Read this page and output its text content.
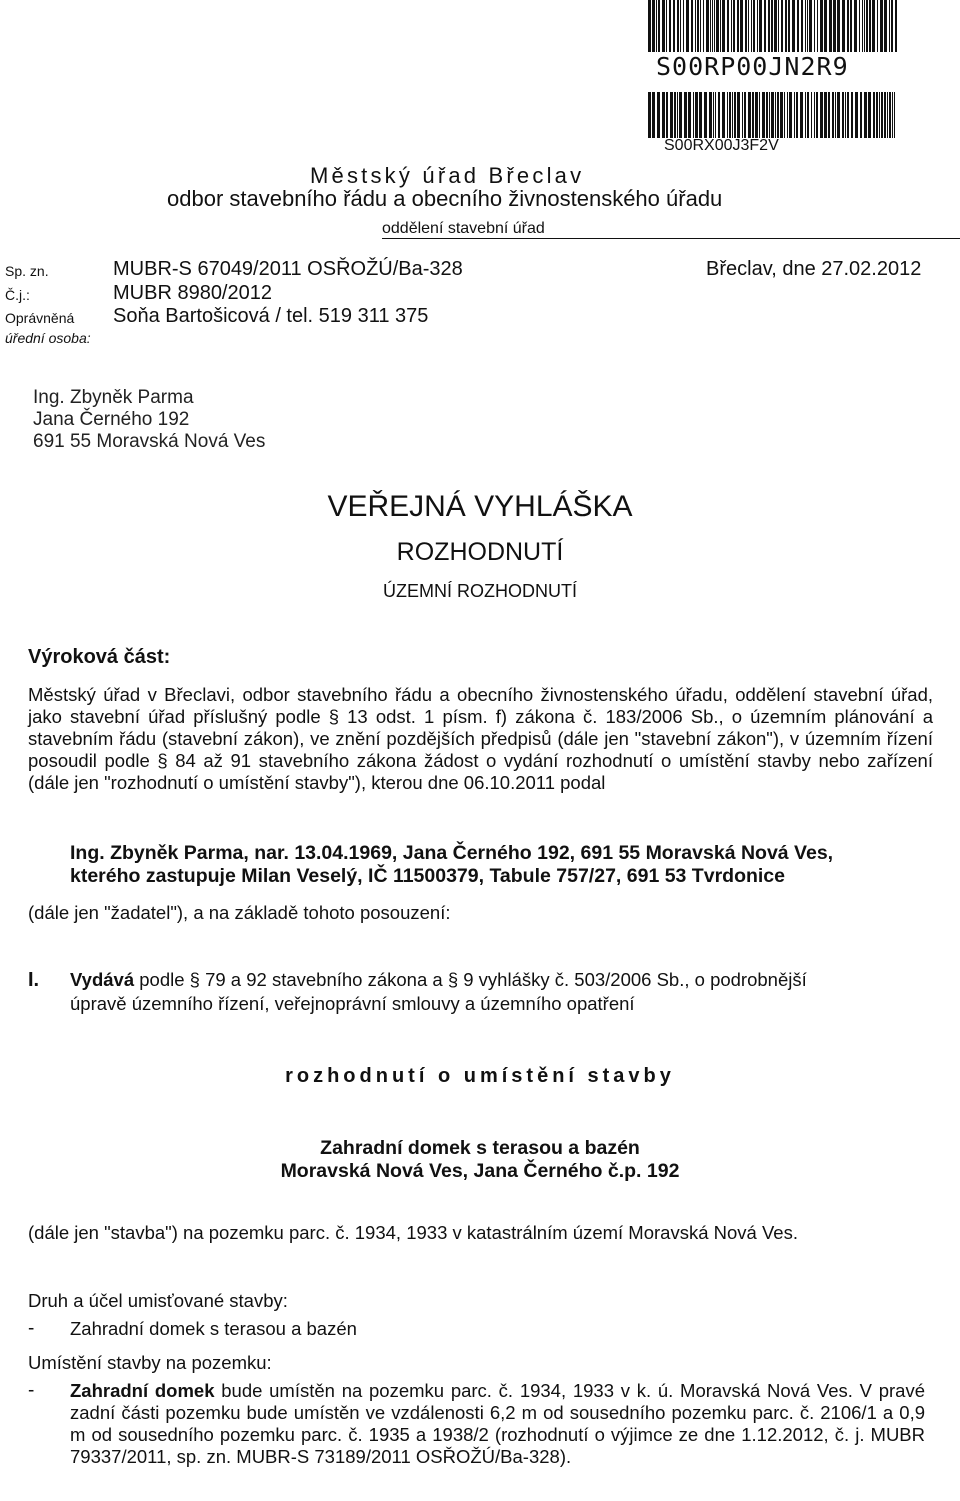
S00RP00JN2R9
S00RX00J3F2V
Městský úřad Břeclav
odbor stavebního řádu a obecního živnostenského úřadu
oddělení stavební úřad
Sp. zn.	MUBR-S 67049/2011 OSŘOŽÚ/Ba-328	Břeclav, dne 27.02.2012
Č.j.:	MUBR 8980/2012
Oprávněná
úřední osoba:
Soňa Bartošicová / tel. 519 311 375
Ing. Zbyněk Parma
Jana Černého 192
691 55 Moravská Nová Ves
VEŘEJNÁ VYHLÁŠKA
ROZHODNUTÍ
ÚZEMNÍ ROZHODNUTÍ
Výroková část:
Městský úřad v Břeclavi, odbor stavebního řádu a obecního živnostenského úřadu, oddělení stavební úřad, jako stavební úřad příslušný podle § 13 odst. 1 písm. f) zákona č. 183/2006 Sb., o územním plánování a stavebním řádu (stavební zákon), ve znění pozdějších předpisů (dále jen "stavební zákon"), v územním řízení posoudil podle § 84 až 91 stavebního zákona žádost o vydání rozhodnutí o umístění stavby nebo zařízení (dále jen "rozhodnutí o umístění stavby"), kterou dne 06.10.2011 podal
Ing. Zbyněk Parma, nar. 13.04.1969, Jana Černého 192, 691 55 Moravská Nová Ves,
kterého zastupuje Milan Veselý, IČ 11500379, Tabule 757/27, 691 53 Tvrdonice
(dále jen "žadatel"), a na základě tohoto posouzení:
I. Vydává podle § 79 a 92 stavebního zákona a § 9 vyhlášky č. 503/2006 Sb., o podrobnější
úpravě územního řízení, veřejnoprávní smlouvy a územního opatření
rozhodnutí o umístění stavby
Zahradní domek s terasou a bazén
Moravská Nová Ves, Jana Černého č.p. 192
(dále jen "stavba") na pozemku parc. č. 1934, 1933 v katastrálním území Moravská Nová Ves.
Druh a účel umisťované stavby:
- Zahradní domek s terasou a bazén
Umístění stavby na pozemku:
- Zahradní domek bude umístěn na pozemku parc. č. 1934, 1933 v k. ú. Moravská Nová Ves. V pravé zadní části pozemku bude umístěn ve vzdálenosti 6,2 m od sousedního pozemku parc. č. 2106/1 a 0,9 m od sousedního pozemku parc. č. 1935 a 1938/2 (rozhodnutí o výjimce ze dne 1.12.2012, č. j. MUBR 79337/2011, sp. zn. MUBR-S 73189/2011 OSŘOŽÚ/Ba-328).
